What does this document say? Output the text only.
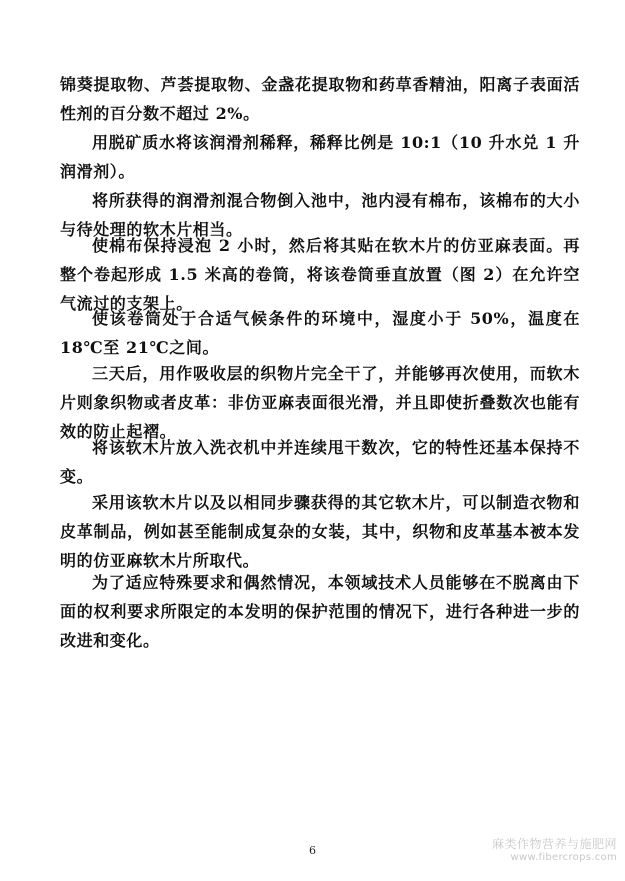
锦葵提取物、芦荟提取物、金盏花提取物和药草香精油，阳离子表面活性剂的百分数不超过 2%。

用脱矿质水将该润滑剂稀释，稀释比例是 10:1（10 升水兑 1 升润滑剂）。

将所获得的润滑剂混合物倒入池中，池内浸有棉布，该棉布的大小与待处理的软木片相当。

使棉布保持浸泡 2 小时，然后将其贴在软木片的仿亚麻表面。再整个卷起形成 1.5 米高的卷筒，将该卷筒垂直放置（图 2）在允许空气流过的支架上。

使该卷筒处于合适气候条件的环境中，湿度小于 50%，温度在 18℃至 21℃之间。

三天后，用作吸收层的织物片完全干了，并能够再次使用，而软木片则象织物或者皮革：非仿亚麻表面很光滑，并且即使折叠数次也能有效的防止起褶。

将该软木片放入洗衣机中并连续甩干数次，它的特性还基本保持不变。

采用该软木片以及以相同步骤获得的其它软木片，可以制造衣物和皮革制品，例如甚至能制成复杂的女装，其中，织物和皮革基本被本发明的仿亚麻软木片所取代。

为了适应特殊要求和偶然情况，本领域技术人员能够在不脱离由下面的权利要求所限定的本发明的保护范围的情况下，进行各种进一步的改进和变化。

6	麻类作物营养与施肥网
www.fibercrops.com
